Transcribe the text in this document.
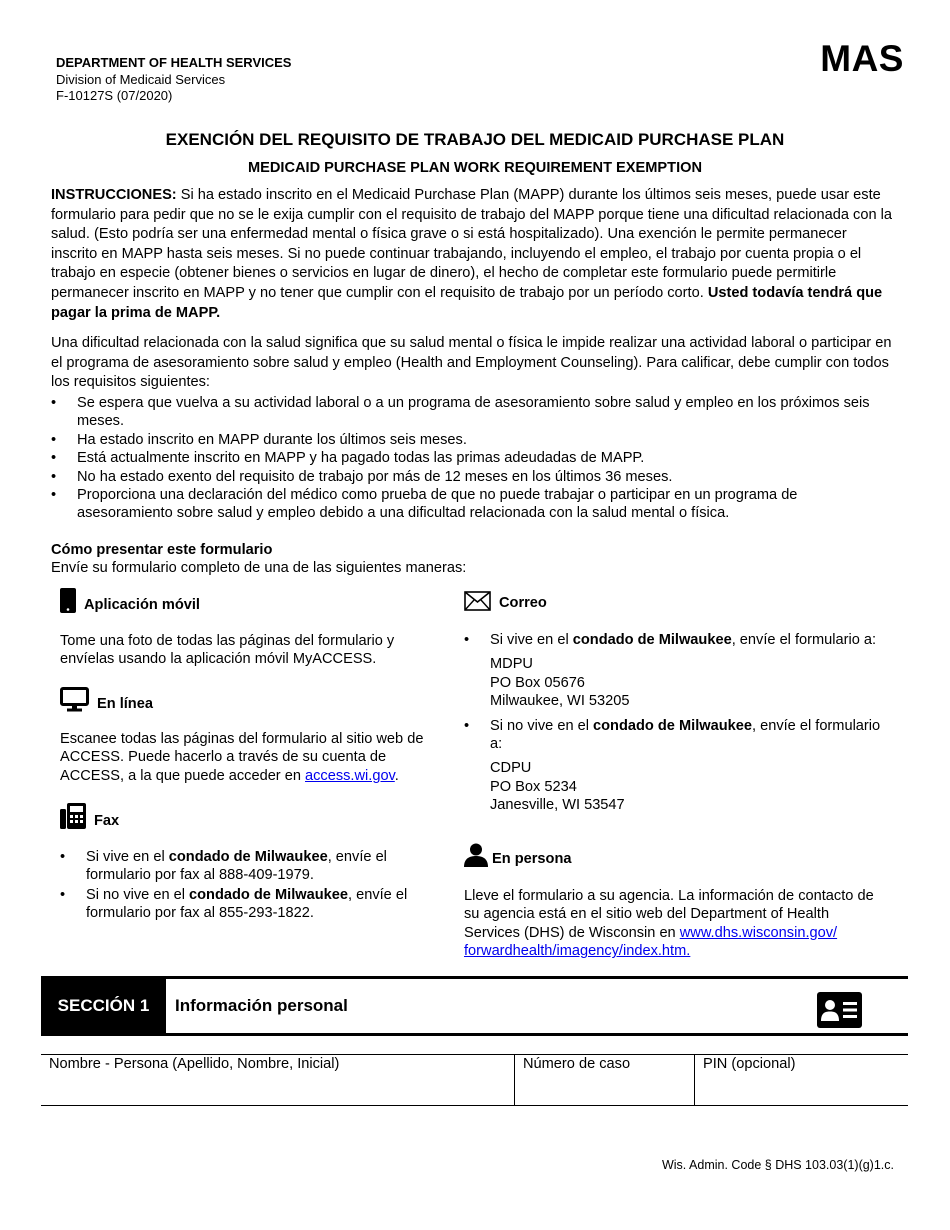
DEPARTMENT OF HEALTH SERVICES
Division of Medicaid Services
F-10127S (07/2020)
MAS
EXENCIÓN DEL REQUISITO DE TRABAJO DEL MEDICAID PURCHASE PLAN
MEDICAID PURCHASE PLAN WORK REQUIREMENT EXEMPTION
INSTRUCCIONES: Si ha estado inscrito en el Medicaid Purchase Plan (MAPP) durante los últimos seis meses, puede usar este formulario para pedir que no se le exija cumplir con el requisito de trabajo del MAPP porque tiene una dificultad relacionada con la salud. (Esto podría ser una enfermedad mental o física grave o si está hospitalizado). Una exención le permite permanecer inscrito en MAPP hasta seis meses. Si no puede continuar trabajando, incluyendo el empleo, el trabajo por cuenta propia o el trabajo en especie (obtener bienes o servicios en lugar de dinero), el hecho de completar este formulario puede permitirle permanecer inscrito en MAPP y no tener que cumplir con el requisito de trabajo por un período corto. Usted todavía tendrá que pagar la prima de MAPP.
Una dificultad relacionada con la salud significa que su salud mental o física le impide realizar una actividad laboral o participar en el programa de asesoramiento sobre salud y empleo (Health and Employment Counseling). Para calificar, debe cumplir con todos los requisitos siguientes:
• Se espera que vuelva a su actividad laboral o a un programa de asesoramiento sobre salud y empleo en los próximos seis meses.
• Ha estado inscrito en MAPP durante los últimos seis meses.
• Está actualmente inscrito en MAPP y ha pagado todas las primas adeudadas de MAPP.
• No ha estado exento del requisito de trabajo por más de 12 meses en los últimos 36 meses.
• Proporciona una declaración del médico como prueba de que no puede trabajar o participar en un programa de asesoramiento sobre salud y empleo debido a una dificultad relacionada con la salud mental o física.
Cómo presentar este formulario
Envíe su formulario completo de una de las siguientes maneras:
Aplicación móvil
Tome una foto de todas las páginas del formulario y envíelas usando la aplicación móvil MyACCESS.
En línea
Escanee todas las páginas del formulario al sitio web de ACCESS. Puede hacerlo a través de su cuenta de ACCESS, a la que puede acceder en access.wi.gov.
Fax
• Si vive en el condado de Milwaukee, envíe el formulario por fax al 888-409-1979.
• Si no vive en el condado de Milwaukee, envíe el formulario por fax al 855-293-1822.
Correo
• Si vive en el condado de Milwaukee, envíe el formulario a:
MDPU
PO Box 05676
Milwaukee, WI 53205
• Si no vive en el condado de Milwaukee, envíe el formulario a:
CDPU
PO Box 5234
Janesville, WI 53547
En persona
Lleve el formulario a su agencia. La información de contacto de su agencia está en el sitio web del Department of Health Services (DHS) de Wisconsin en www.dhs.wisconsin.gov/
forwardhealth/imagency/index.htm.
SECCIÓN 1	Información personal
Nombre - Persona (Apellido, Nombre, Inicial)	Número de caso	PIN (opcional)
Wis. Admin. Code § DHS 103.03(1)(g)1.c.
